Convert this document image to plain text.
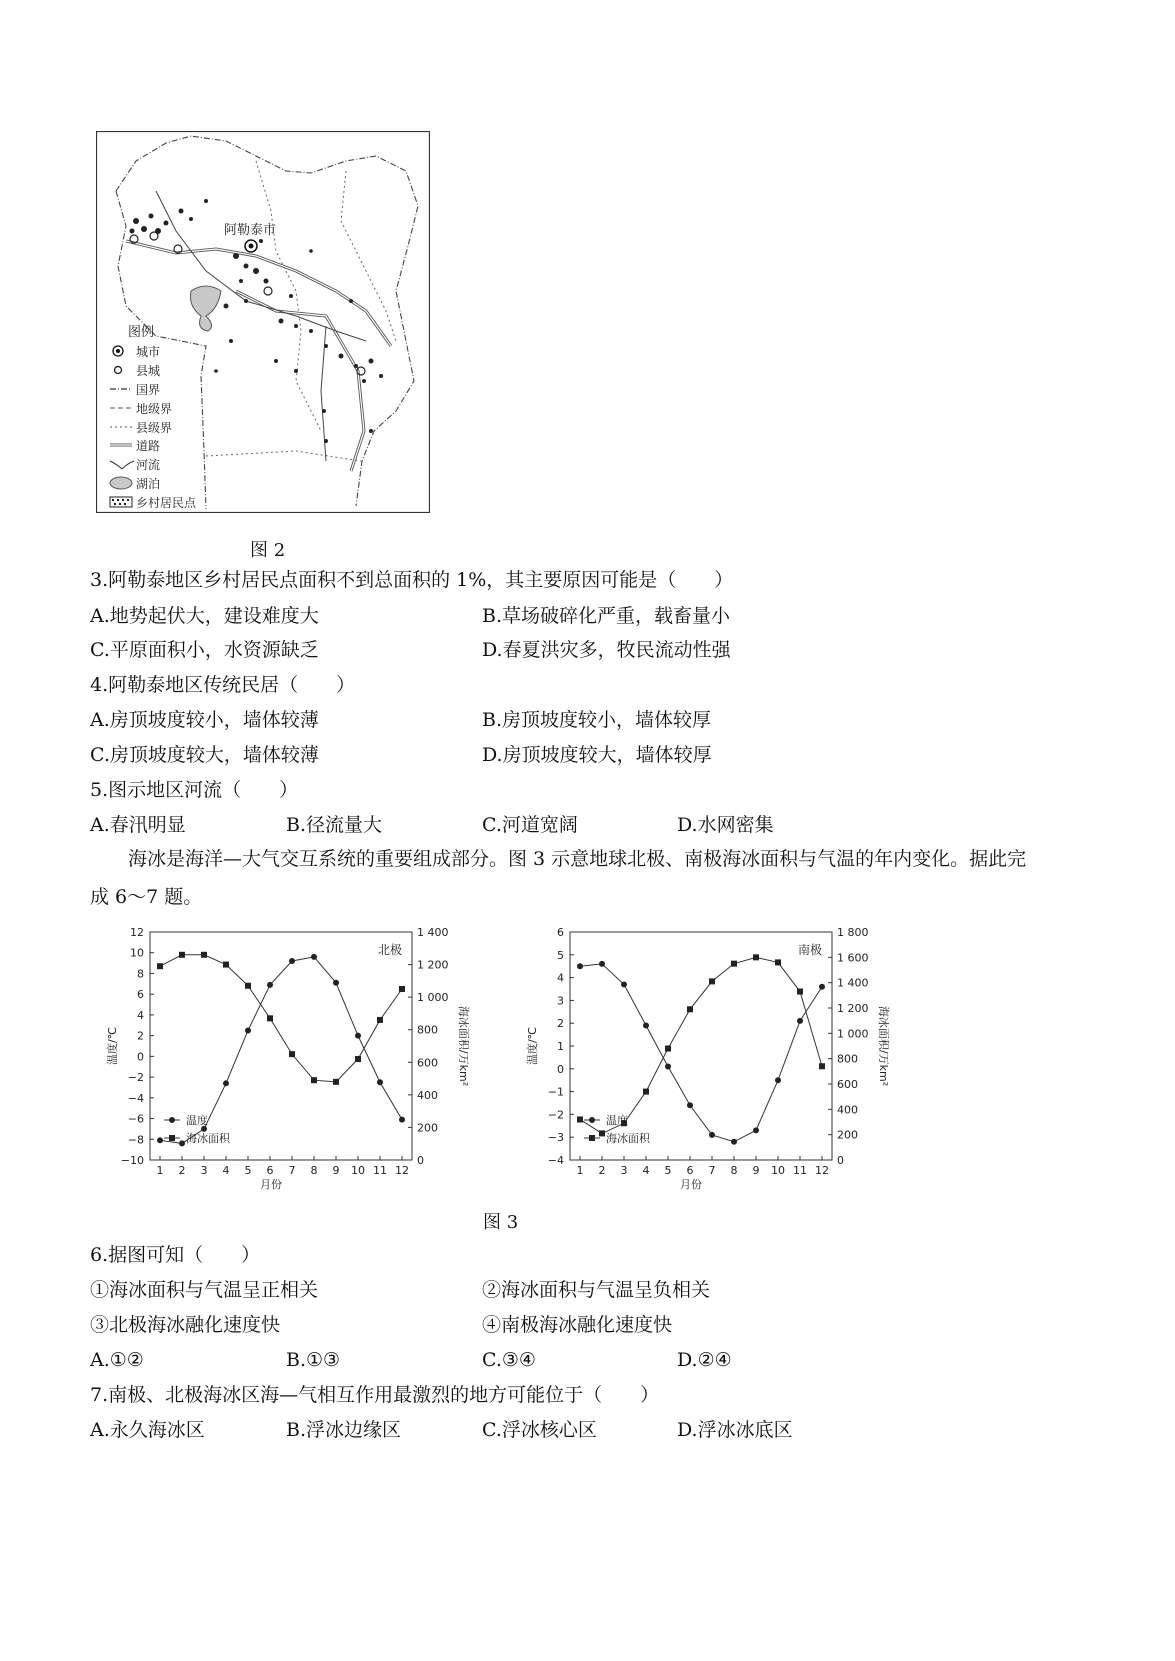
阿勒泰市
图例
城市
县城
国界
地级界
县级界
道路
河流
湖泊
乡村居民点
图 2
3.阿勒泰地区乡村居民点面积不到总面积的 1%，其主要原因可能是（　　）
A.地势起伏大，建设难度大	B.草场破碎化严重，载畜量小
C.平原面积小，水资源缺乏	D.春夏洪灾多，牧民流动性强
4.阿勒泰地区传统民居（　　）
A.房顶坡度较小，墙体较薄	B.房顶坡度较小，墙体较厚
C.房顶坡度较大，墙体较薄	D.房顶坡度较大，墙体较厚
5.图示地区河流（　　）
A.春汛明显	B.径流量大	C.河道宽阔	D.水网密集
海冰是海洋—大气交互系统的重要组成部分。图 3 示意地球北极、南极海冰面积与气温的年内变化。据此完成 6～7 题。
12
10
8
6
4
2
0
−2
−4
−6
−8
−10
1 400
1 200
1 000
800
600
400
200
0
1 2 3 4 5 6 7 8 9 10 11 12
月份
温度/℃	海冰面积/万km²
北极
温度
海冰面积
6
5
4
3
2
1
0
−1
−2
−3
−4
1 800
1 600
1 400
1 200
1 000
800
600
400
200
0
1 2 3 4 5 6 7 8 9 10 11 12
月份
温度/℃	海冰面积/万km²
南极
温度
海冰面积
图 3
6.据图可知（　　）
①海冰面积与气温呈正相关	②海冰面积与气温呈负相关
③北极海冰融化速度快	④南极海冰融化速度快
A.①②	B.①③	C.③④	D.②④
7.南极、北极海冰区海—气相互作用最激烈的地方可能位于（　　）
A.永久海冰区	B.浮冰边缘区	C.浮冰核心区	D.浮冰冰底区
